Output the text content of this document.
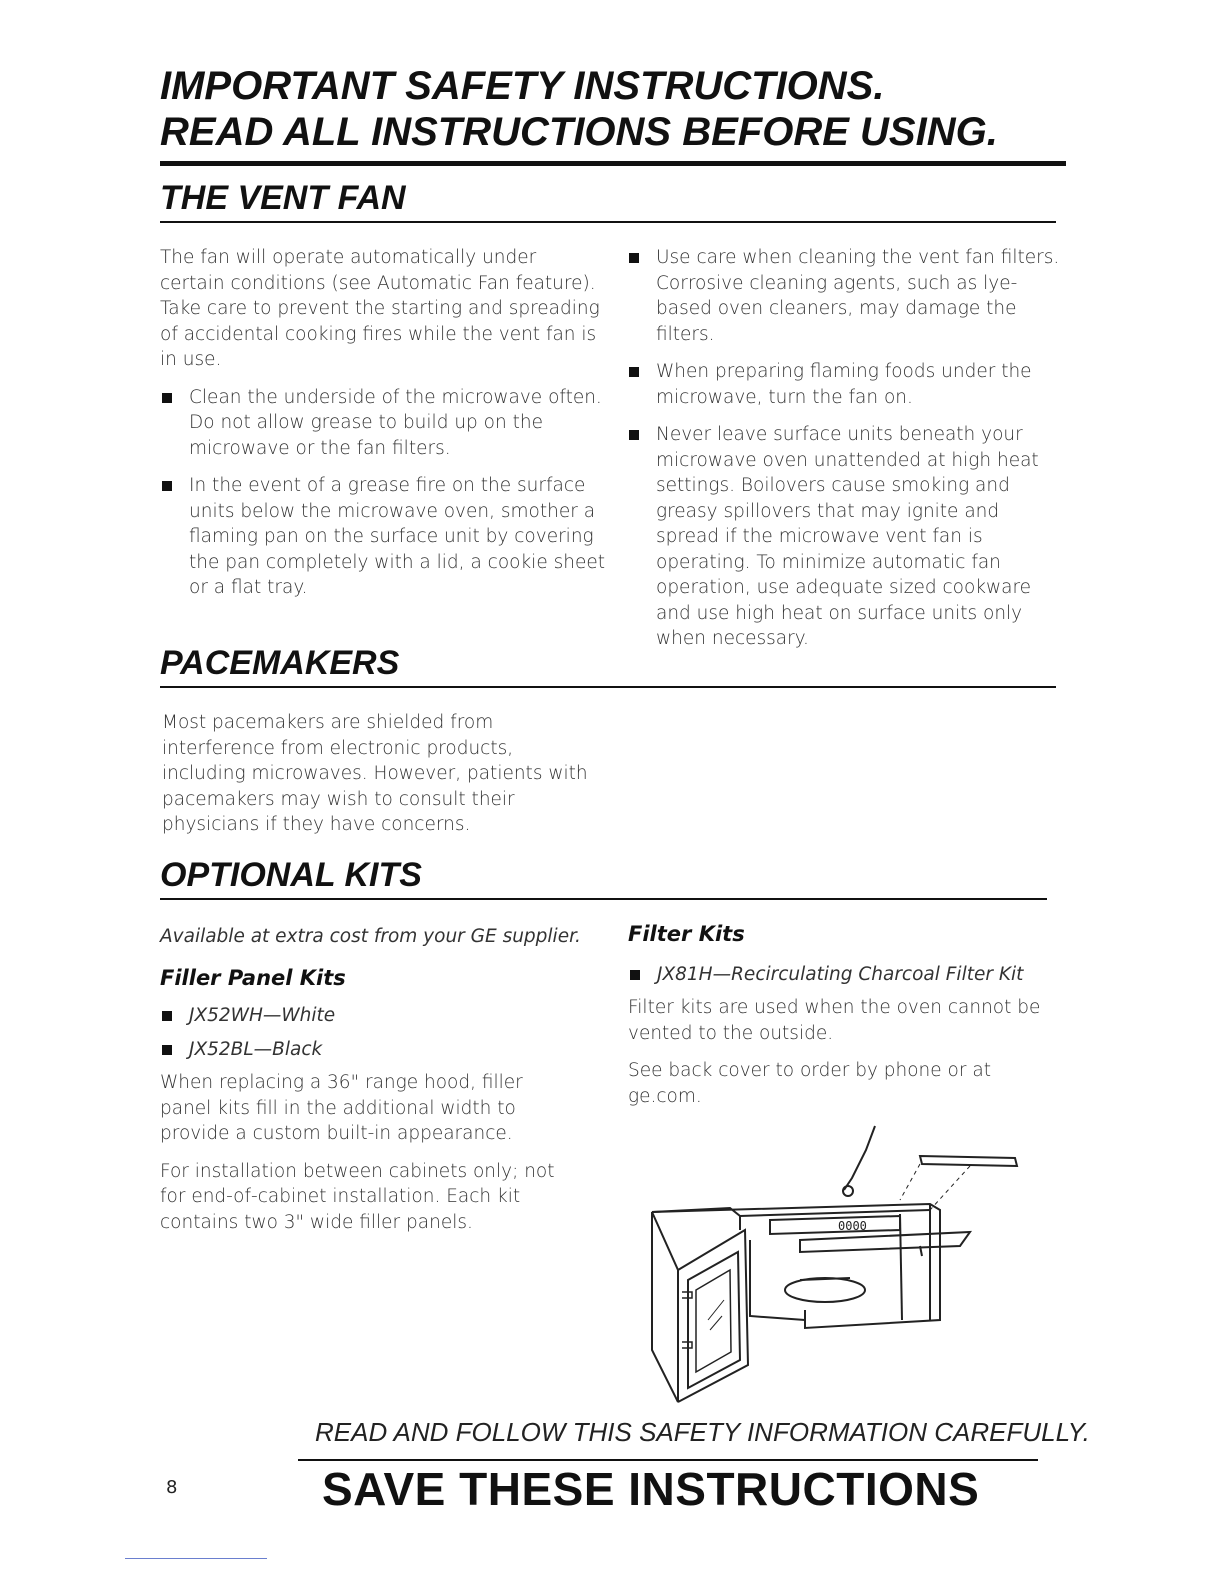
IMPORTANT SAFETY INSTRUCTIONS.
READ ALL INSTRUCTIONS BEFORE USING.
THE VENT FAN

The fan will operate automatically under certain conditions (see Automatic Fan feature). Take care to prevent the starting and spreading of accidental cooking fires while the vent fan is in use.

Clean the underside of the microwave often. Do not allow grease to build up on the microwave or the fan filters.
In the event of a grease fire on the surface units below the microwave oven, smother a flaming pan on the surface unit by covering the pan completely with a lid, a cookie sheet or a flat tray.
Use care when cleaning the vent fan filters. Corrosive cleaning agents, such as lye-based oven cleaners, may damage the filters.
When preparing flaming foods under the microwave, turn the fan on.
Never leave surface units beneath your microwave oven unattended at high heat settings. Boilovers cause smoking and greasy spillovers that may ignite and spread if the microwave vent fan is operating. To minimize automatic fan operation, use adequate sized cookware and use high heat on surface units only when necessary.
PACEMAKERS
Most pacemakers are shielded from interference from electronic products, including microwaves. However, patients with pacemakers may wish to consult their physicians if they have concerns.
OPTIONAL KITS

Available at extra cost from your GE supplier.

Filler Panel Kits
JX52WH—White
JX52BL—Black

When replacing a 36" range hood, filler panel kits fill in the additional width to provide a custom built-in appearance.

For installation between cabinets only; not for end-of-cabinet installation. Each kit contains two 3" wide filler panels.

Filter Kits
JX81H—Recirculating Charcoal Filter Kit

Filter kits are used when the oven cannot be vented to the outside.

See back cover to order by phone or at ge.com.

0000
READ AND FOLLOW THIS SAFETY INFORMATION CAREFULLY.
8	SAVE THESE INSTRUCTIONS
